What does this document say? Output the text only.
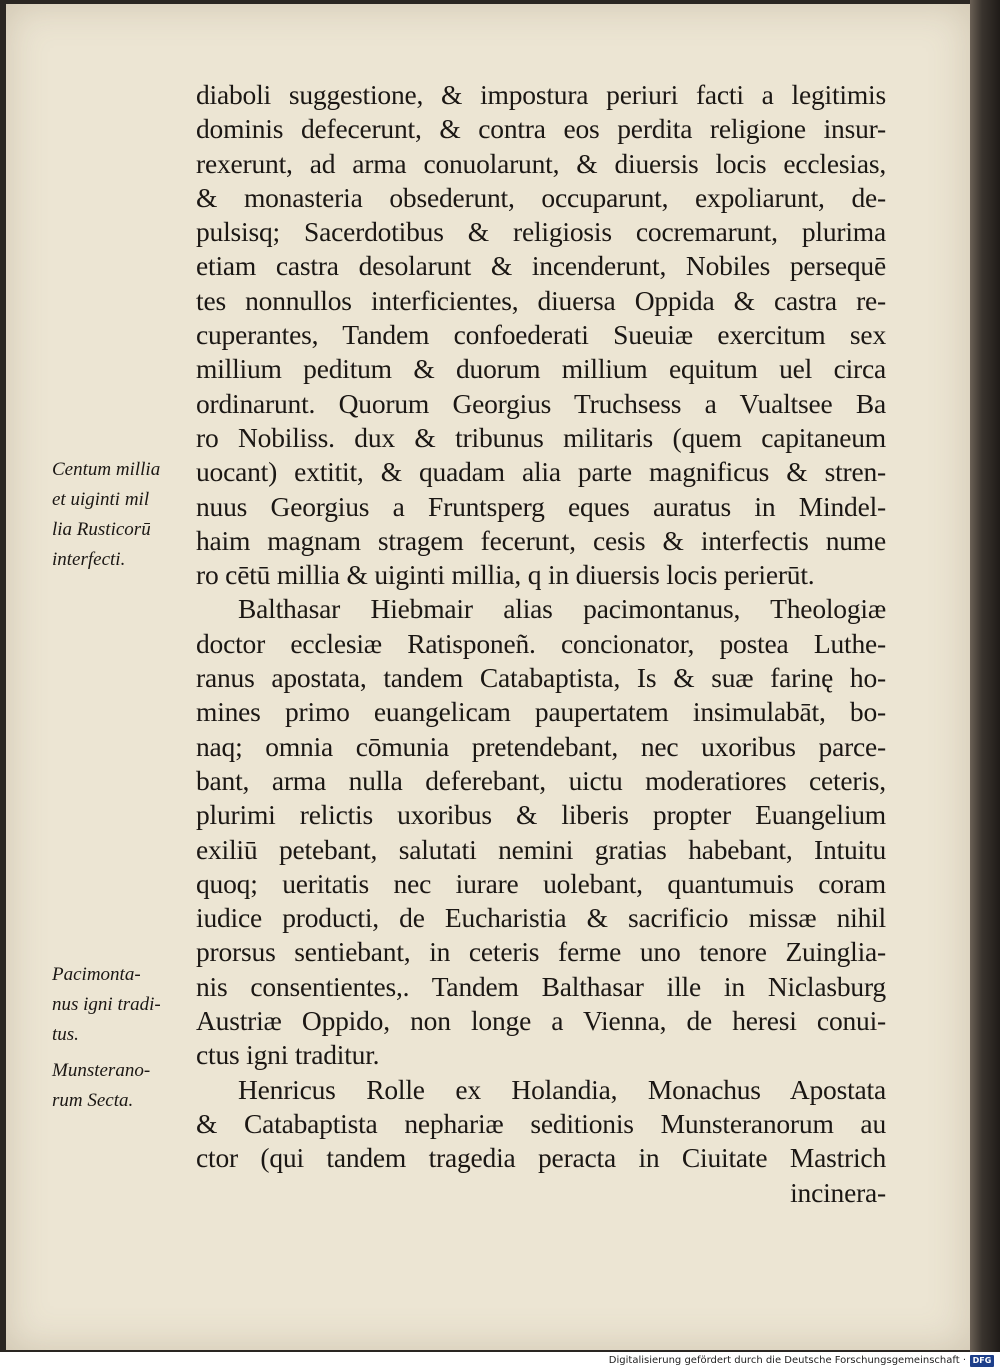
diaboli suggestione, & impostura periuri facti a legitimis
dominis defecerunt, & contra eos perdita religione insur-
rexerunt, ad arma conuolarunt, & diuersis locis ecclesias,
& monasteria obsederunt, occuparunt, expoliarunt, de-
pulsisq; Sacerdotibus & religiosis cocremarunt, plurima
etiam castra desolarunt & incenderunt, Nobiles persequē
tes nonnullos interficientes, diuersa Oppida & castra re-
cuperantes, Tandem confoederati Sueuiæ exercitum sex
millium peditum & duorum millium equitum uel circa
ordinarunt. Quorum Georgius Truchsess a Vualtsee Ba
ro Nobiliss. dux & tribunus militaris (quem capitaneum
uocant) extitit, & quadam alia parte magnificus & stren-
nuus Georgius a Fruntsperg eques auratus in Mindel-
haim magnam stragem fecerunt, cesis & interfectis nume
ro cētū millia & uiginti millia, q in diuersis locis perierūt.
Balthasar Hiebmair alias pacimontanus, Theologiæ
doctor ecclesiæ Ratisponeñ. concionator, postea Luthe-
ranus apostata, tandem Catabaptista, Is & suæ farinę ho-
mines primo euangelicam paupertatem insimulabāt, bo-
naq; omnia cōmunia pretendebant, nec uxoribus parce-
bant, arma nulla deferebant, uictu moderatiores ceteris,
plurimi relictis uxoribus & liberis propter Euangelium
exiliū petebant, salutati nemini gratias habebant, Intuitu
quoq; ueritatis nec iurare uolebant, quantumuis coram
iudice producti, de Eucharistia & sacrificio missæ nihil
prorsus sentiebant, in ceteris ferme uno tenore Zuinglia-
nis consentientes,. Tandem Balthasar ille in Niclasburg
Austriæ Oppido, non longe a Vienna, de heresi conui-
ctus igni traditur.
Henricus Rolle ex Holandia, Monachus Apostata
& Catabaptista nephariæ seditionis Munsteranorum au
ctor (qui tandem tragedia peracta in Ciuitate Mastrich
incinera-
Centum millia
et uiginti mil
lia Rusticorū
interfecti.
Pacimonta-
nus igni tradi-
tus.
Munsterano-
rum Secta.
Digitalisierung gefördert durch die Deutsche Forschungsgemeinschaft · DFG
